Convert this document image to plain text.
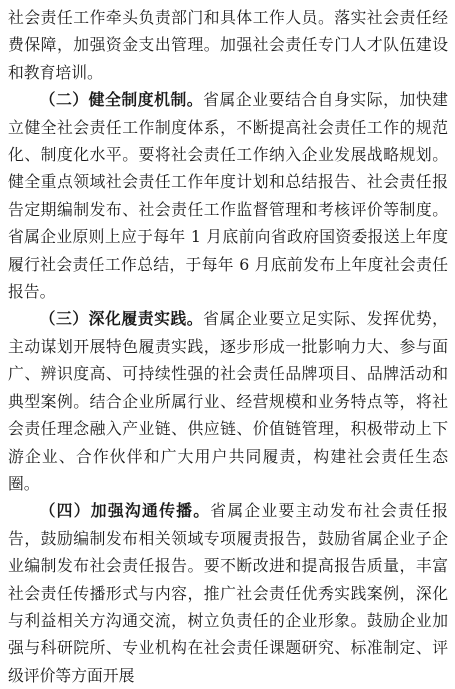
社会责任工作牵头负责部门和具体工作人员。落实社会责任经费保障，加强资金支出管理。加强社会责任专门人才队伍建设和教育培训。

（二）健全制度机制。省属企业要结合自身实际，加快建立健全社会责任工作制度体系，不断提高社会责任工作的规范化、制度化水平。要将社会责任工作纳入企业发展战略规划。健全重点领域社会责任工作年度计划和总结报告、社会责任报告定期编制发布、社会责任工作监督管理和考核评价等制度。省属企业原则上应于每年 1 月底前向省政府国资委报送上年度履行社会责任工作总结，于每年 6 月底前发布上年度社会责任报告。

（三）深化履责实践。省属企业要立足实际、发挥优势，主动谋划开展特色履责实践，逐步形成一批影响力大、参与面广、辨识度高、可持续性强的社会责任品牌项目、品牌活动和典型案例。结合企业所属行业、经营规模和业务特点等，将社会责任理念融入产业链、供应链、价值链管理，积极带动上下游企业、合作伙伴和广大用户共同履责，构建社会责任生态圈。

（四）加强沟通传播。省属企业要主动发布社会责任报告，鼓励编制发布相关领域专项履责报告，鼓励省属企业子企业编制发布社会责任报告。要不断改进和提高报告质量，丰富社会责任传播形式与内容，推广社会责任优秀实践案例，深化与利益相关方沟通交流，树立负责任的企业形象。鼓励企业加强与科研院所、专业机构在社会责任课题研究、标准制定、评级评价等方面开展
